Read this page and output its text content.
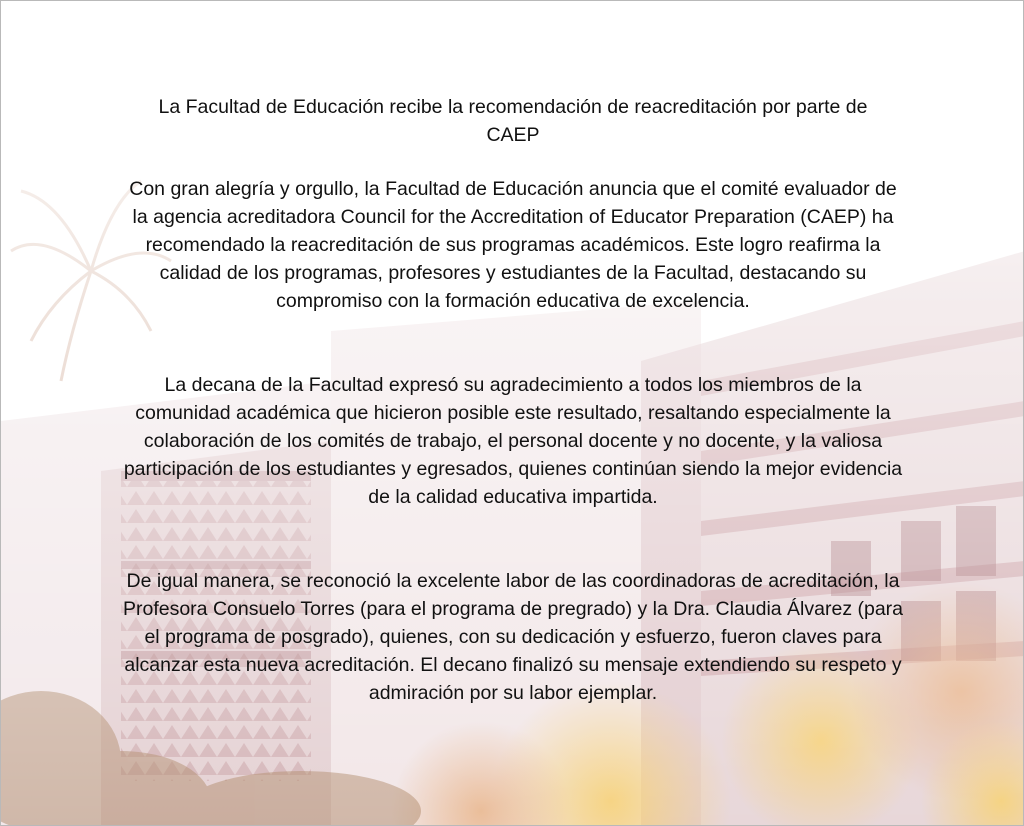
La Facultad de Educación recibe la recomendación de reacreditación por parte de CAEP

Con gran alegría y orgullo, la Facultad de Educación anuncia que el comité evaluador de la agencia acreditadora Council for the Accreditation of Educator Preparation (CAEP) ha recomendado la reacreditación de sus programas académicos. Este logro reafirma la calidad de los programas, profesores y estudiantes de la Facultad, destacando su compromiso con la formación educativa de excelencia.

La decana de la Facultad expresó su agradecimiento a todos los miembros de la comunidad académica que hicieron posible este resultado, resaltando especialmente la colaboración de los comités de trabajo, el personal docente y no docente, y la valiosa participación de los estudiantes y egresados, quienes continúan siendo la mejor evidencia de la calidad educativa impartida.

De igual manera, se reconoció la excelente labor de las coordinadoras de acreditación, la Profesora Consuelo Torres (para el programa de pregrado) y la Dra. Claudia Álvarez (para el programa de posgrado), quienes, con su dedicación y esfuerzo, fueron claves para alcanzar esta nueva acreditación. El decano finalizó su mensaje extendiendo su respeto y admiración por su labor ejemplar.
